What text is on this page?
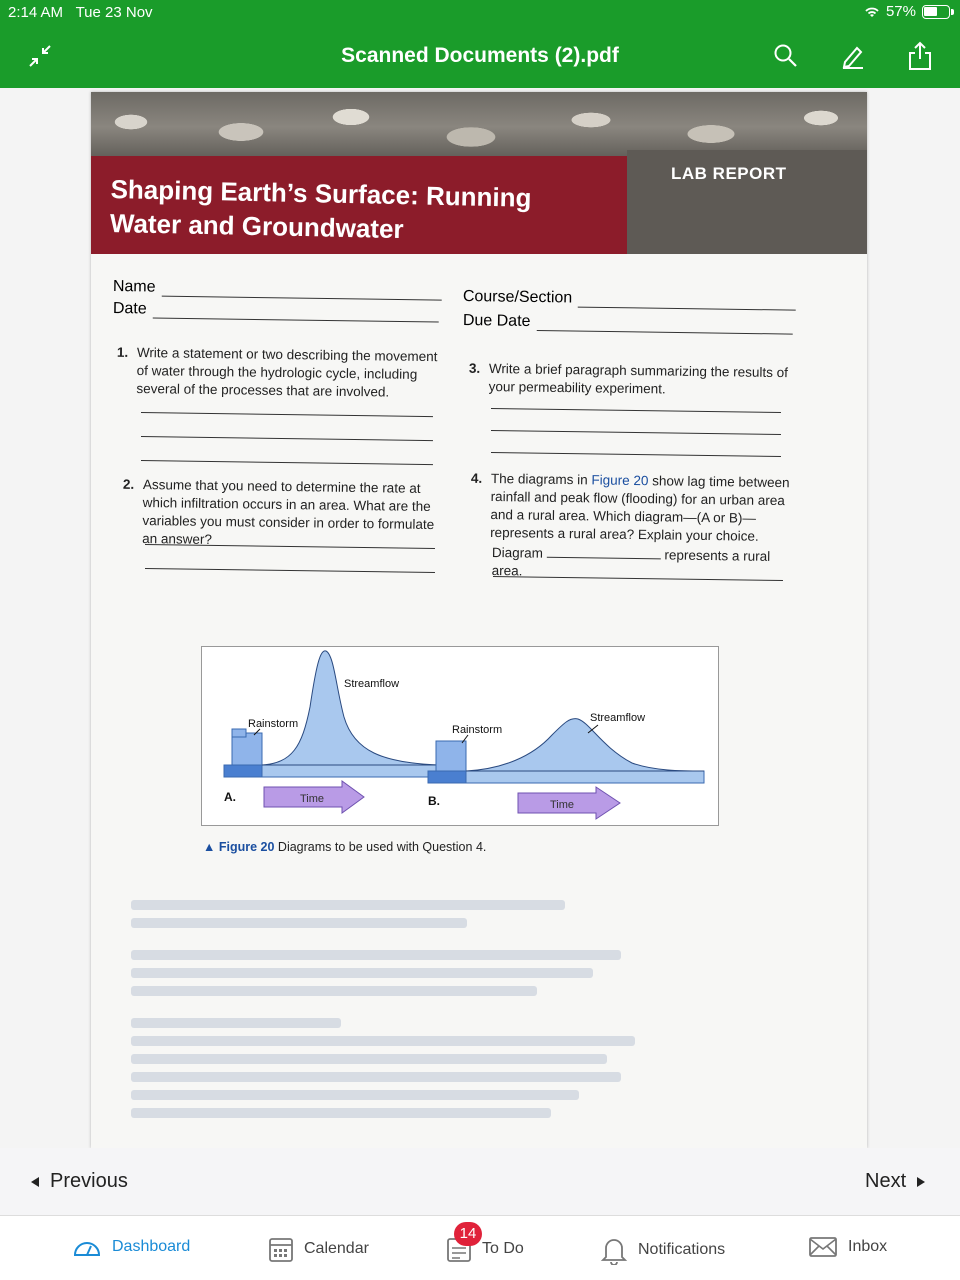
2:14 AM Tue 23 Nov	57%
Scanned Documents (2).pdf
LAB REPORT
Shaping Earth’s Surface: Running
Water and Groundwater
Name
Date
Course/Section
Due Date
1. Write a statement or two describing the movement of water through the hydrologic cycle, including several of the processes that are involved.
2. Assume that you need to determine the rate at which infiltration occurs in an area. What are the variables you must consider in order to formulate an answer?
3. Write a brief paragraph summarizing the results of your permeability experiment.
4. The diagrams in Figure 20 show lag time between rainfall and peak flow (flooding) for an urban area and a rural area. Which diagram—(A or B)—represents a rural area? Explain your choice.
Diagram	represents a rural area.
Streamflow
Rainstorm
A.	Time
Streamflow
Rainstorm
B.	Time
▲ Figure 20 Diagrams to be used with Question 4.
Previous	Next
Dashboard	Calendar	To Do	Notifications	Inbox
14
